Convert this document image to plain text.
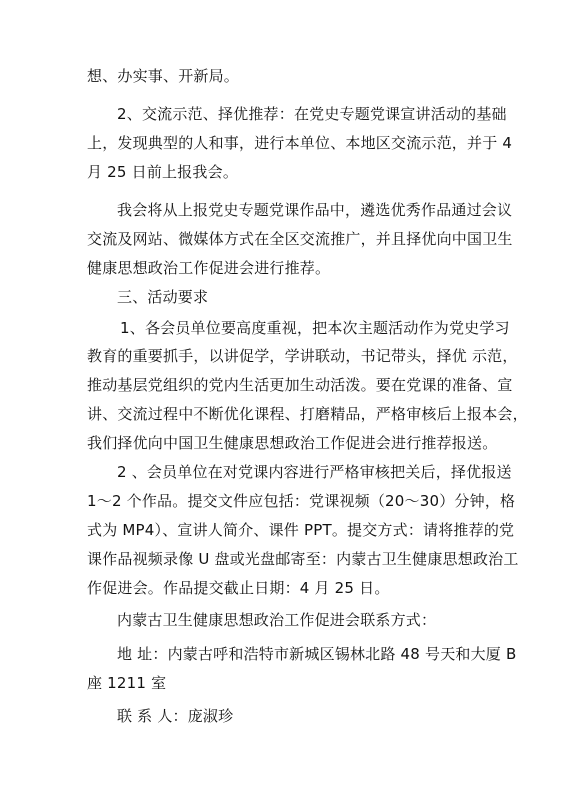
想、办实事、开新局。
2、交流示范、择优推荐：在党史专题党课宣讲活动的基础
上，发现典型的人和事，进行本单位、本地区交流示范，并于 4
月 25 日前上报我会。
我会将从上报党史专题党课作品中，遴选优秀作品通过会议
交流及网站、微媒体方式在全区交流推广，并且择优向中国卫生
健康思想政治工作促进会进行推荐。
三、活动要求
1、各会员单位要高度重视，把本次主题活动作为党史学习
教育的重要抓手，以讲促学，学讲联动，书记带头，择优 示范，
推动基层党组织的党内生活更加生动活泼。要在党课的准备、宣
讲、交流过程中不断优化课程、打磨精品，严格审核后上报本会，
我们择优向中国卫生健康思想政治工作促进会进行推荐报送。
2 、会员单位在对党课内容进行严格审核把关后，择优报送
1～2 个作品。提交文件应包括：党课视频（20～30）分钟，格
式为 MP4）、宣讲人简介、课件 PPT。提交方式：请将推荐的党
课作品视频录像 U 盘或光盘邮寄至：内蒙古卫生健康思想政治工
作促进会。作品提交截止日期：4 月 25 日。
内蒙古卫生健康思想政治工作促进会联系方式：
地 址：内蒙古呼和浩特市新城区锡林北路 48 号天和大厦 B
座 1211 室
联 系 人：庞淑珍
